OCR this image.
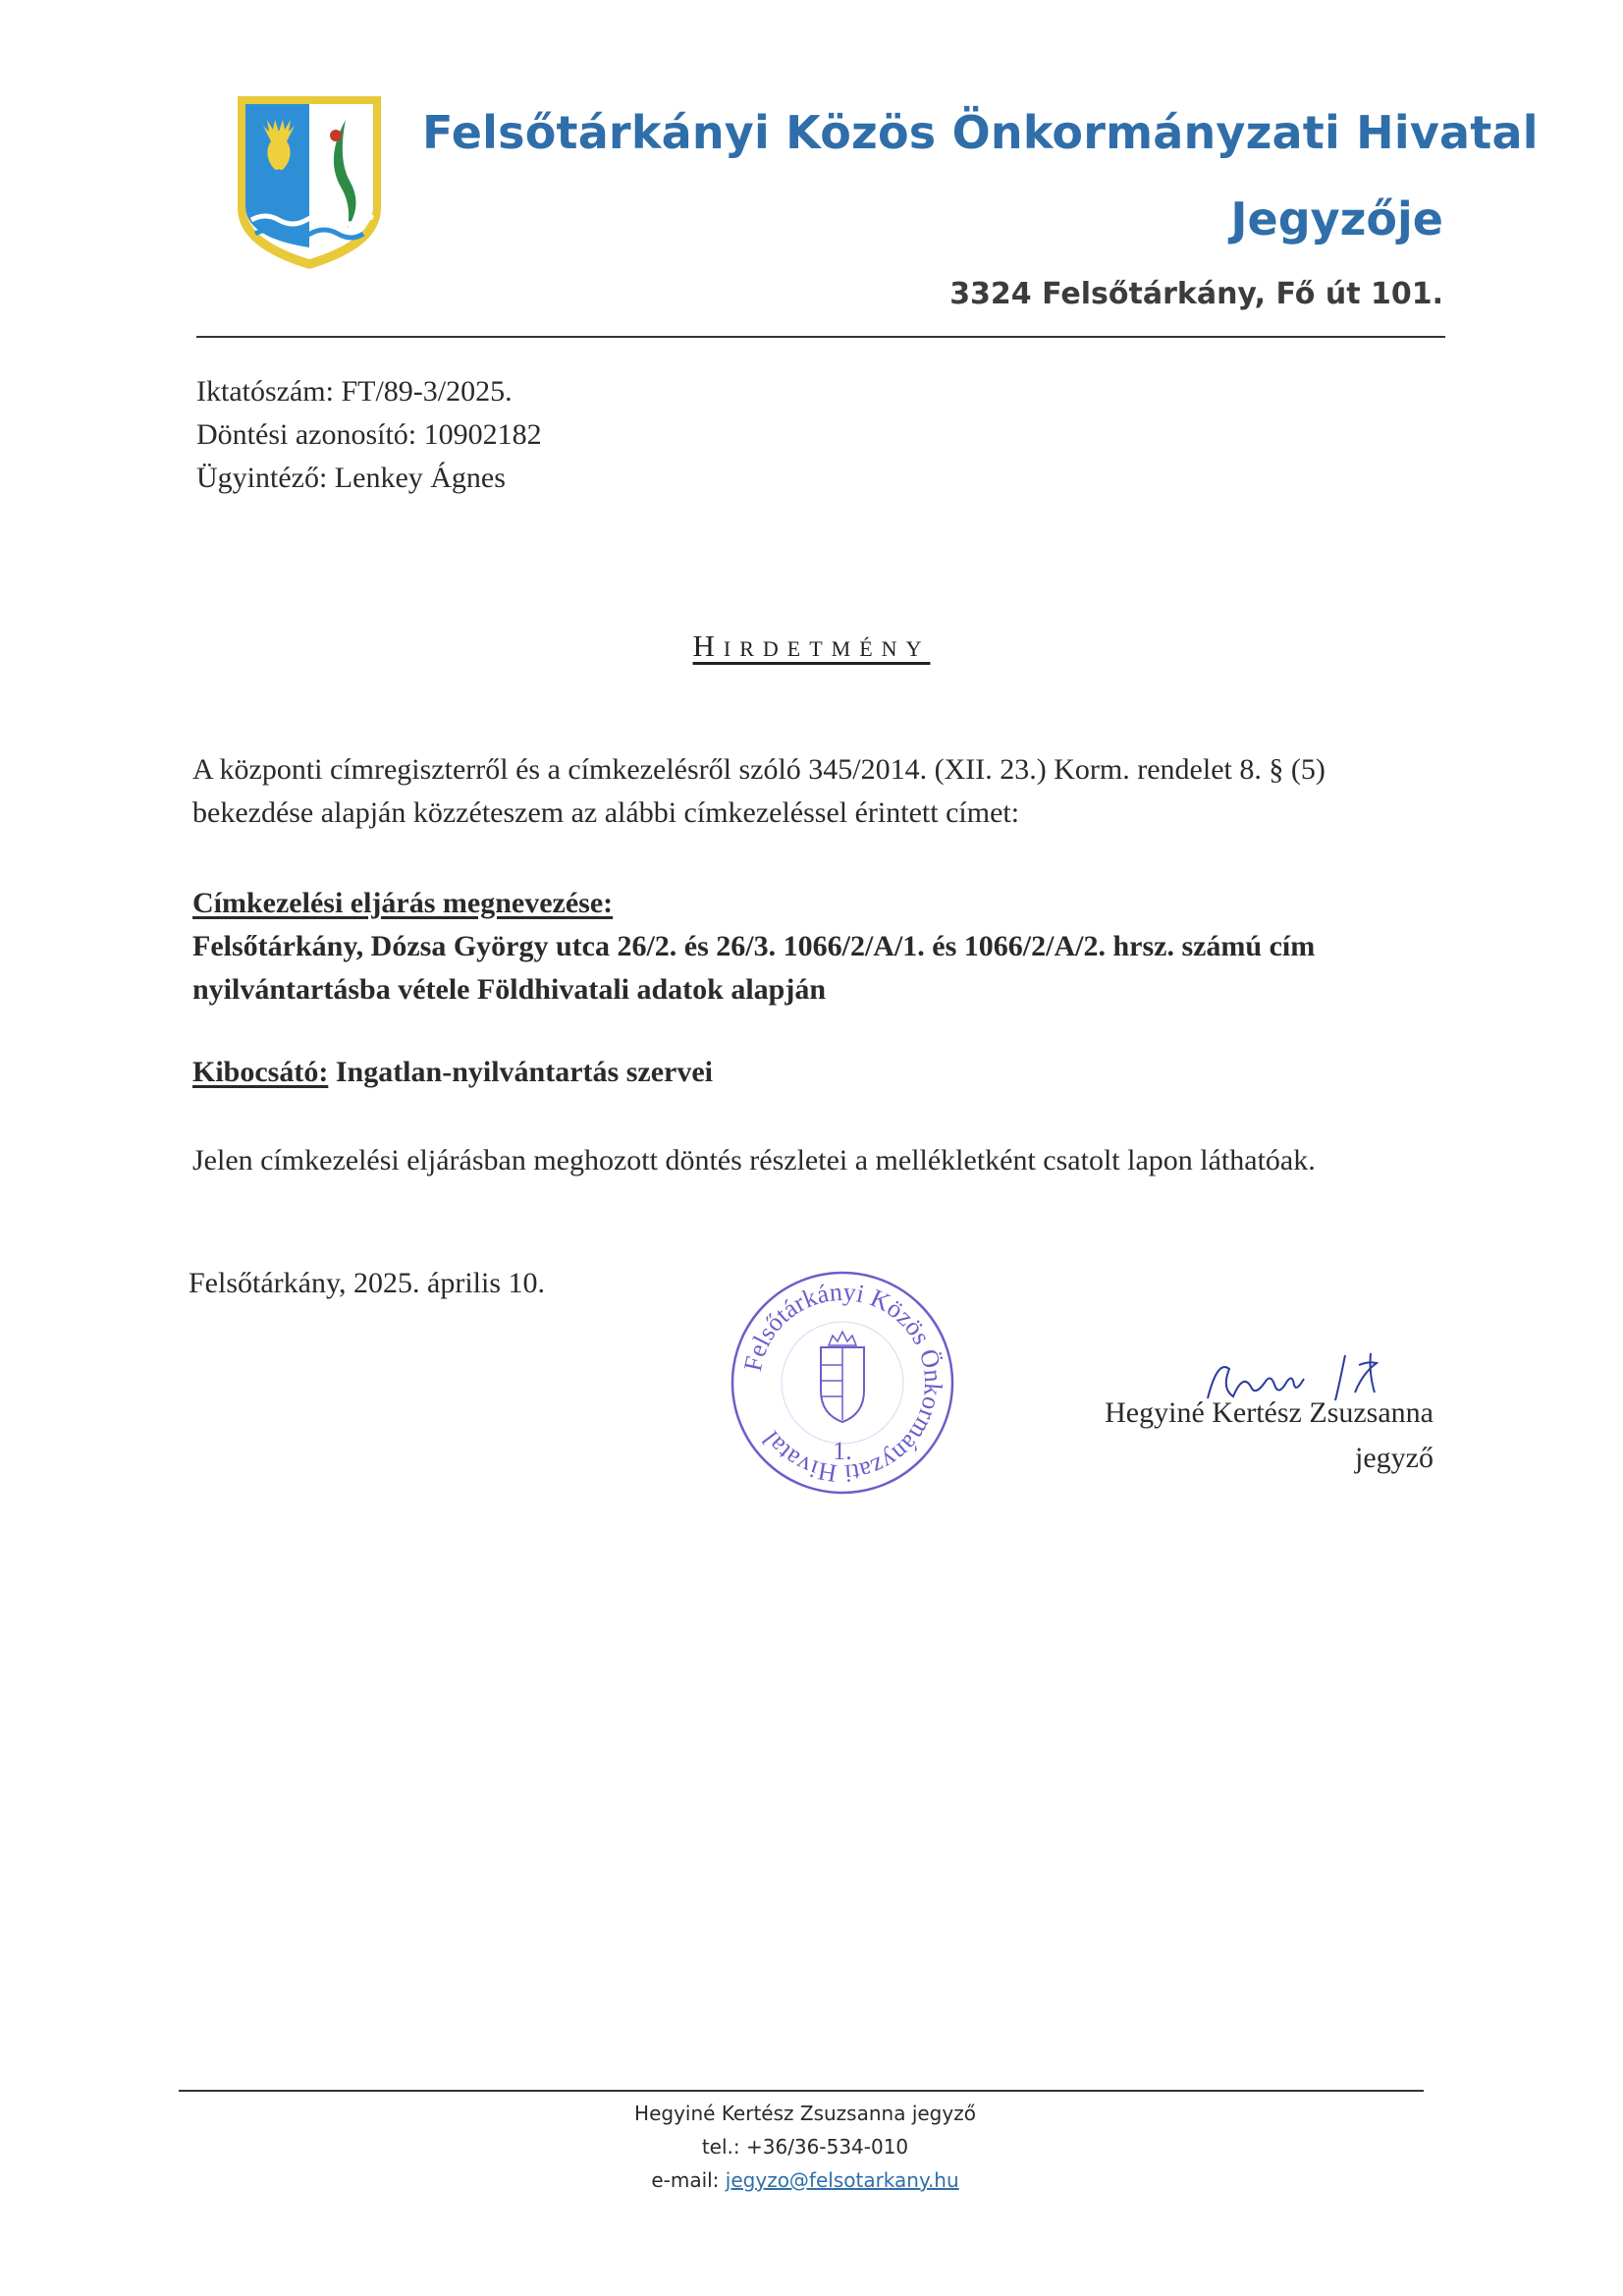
Felsőtárkányi Közös Önkormányzati Hivatal
Jegyzője
3324 Felsőtárkány, Fő út 101.
Iktatószám: FT/89-3/2025.
Döntési azonosító: 10902182
Ügyintéző: Lenkey Ágnes
Hirdetmény
A központi címregiszterről és a címkezelésről szóló 345/2014. (XII. 23.) Korm. rendelet 8. § (5) bekezdése alapján közzéteszem az alábbi címkezeléssel érintett címet:
Címkezelési eljárás megnevezése:
Felsőtárkány, Dózsa György utca 26/2. és 26/3. 1066/2/A/1. és 1066/2/A/2. hrsz. számú cím nyilvántartásba vétele Földhivatali adatok alapján
Kibocsátó: Ingatlan-nyilvántartás szervei
Jelen címkezelési eljárásban meghozott döntés részletei a mellékletként csatolt lapon láthatóak.
Felsőtárkány, 2025. április 10.
Felsőtárkányi Közös Önkormányzati Hivatal	1.
Hegyiné Kertész Zsuzsanna
jegyző
Hegyiné Kertész Zsuzsanna jegyző
tel.: +36/36-534-010
e-mail: jegyzo@felsotarkany.hu
